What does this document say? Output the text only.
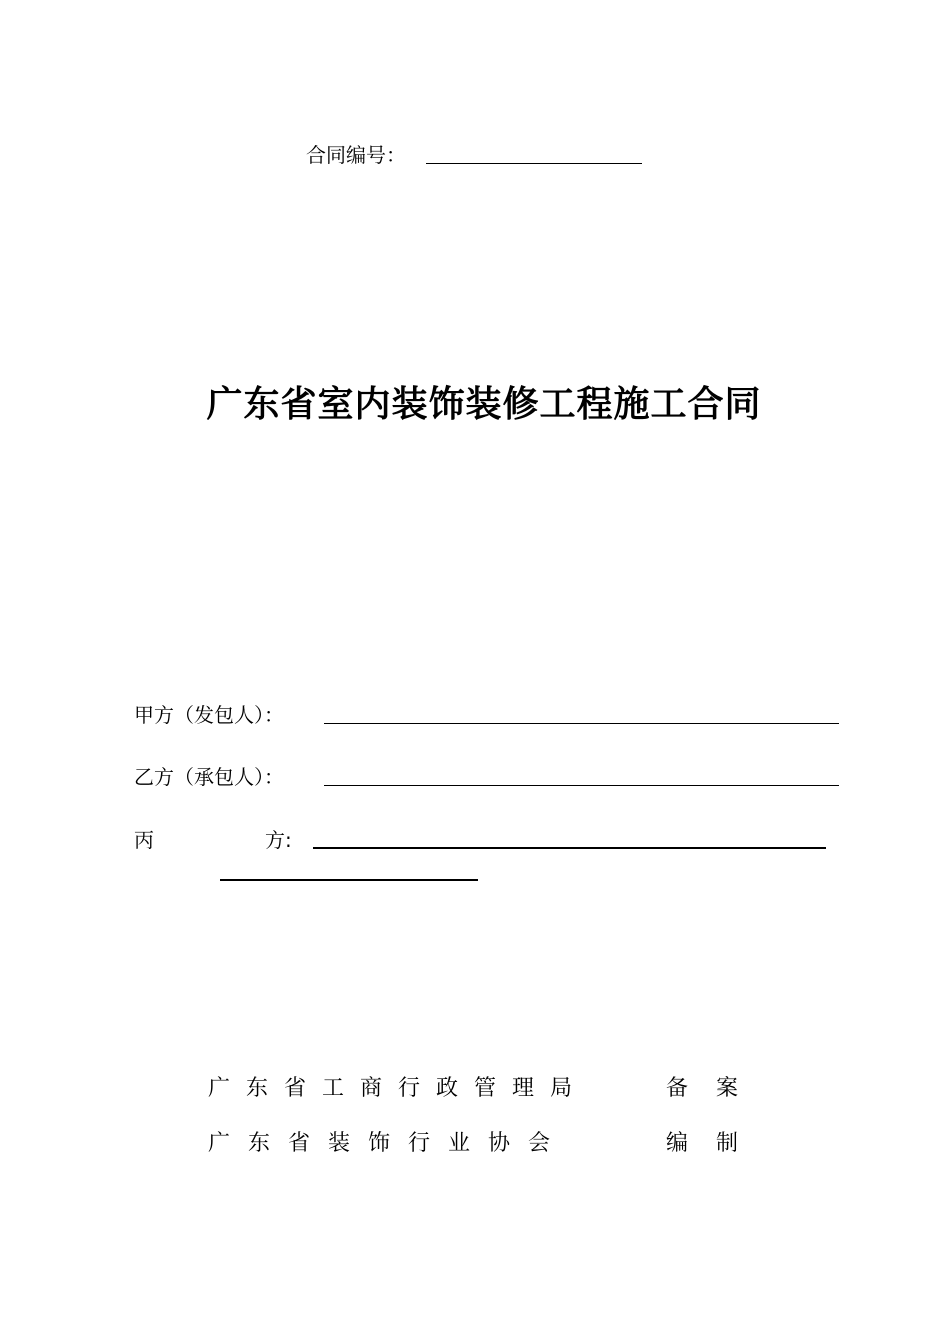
合同编号：
广东省室内装饰装修工程施工合同
甲方（发包人）：
乙方（承包人）：
丙	方:
广东省工商行政管理局	备案
广东省装饰行业协会	编制
